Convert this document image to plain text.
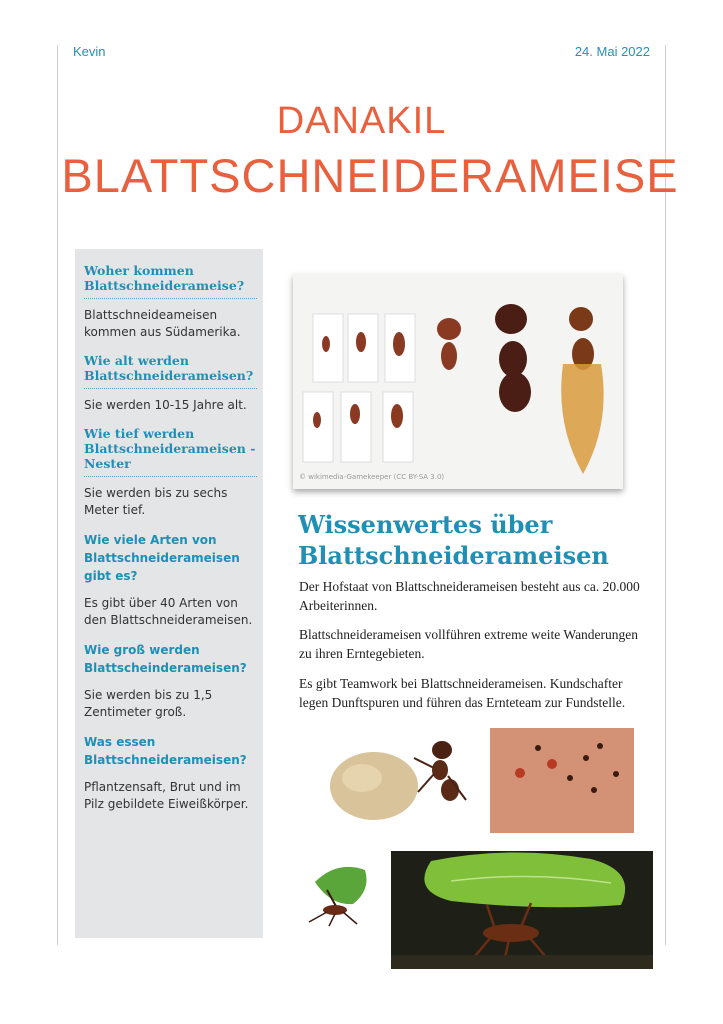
Kevin	24. Mai 2022
DANAKIL
BLATTSCHNEIDERAMEISE
Woher kommen Blattschneiderameise?
Blattschneideameisen kommen aus Südamerika.
Wie alt werden Blattschneiderameisen?
Sie werden 10-15 Jahre alt.
Wie tief werden Blattschneiderameisen - Nester
Sie werden bis zu sechs Meter tief.
Wie viele Arten von Blattschneiderameisen gibt es?
Es gibt über 40 Arten von den Blattschneiderameisen.
Wie groß werden Blattscheinderameisen?
Sie werden bis zu 1,5 Zentimeter groß.
Was essen Blattschneiderameisen?
Pflantzensaft, Brut und im Pilz gebildete Eiweißkörper.
© wikimedia-Gamekeeper (CC BY-SA 3.0)
Wissenwertes über Blattschneiderameisen
Der Hofstaat von Blattschneiderameisen besteht aus ca. 20.000 Arbeiterinnen.
Blattschneiderameisen vollführen extreme weite Wanderungen zu ihren Erntegebieten.
Es gibt Teamwork bei Blattschneiderameisen. Kundschafter legen Dunftspuren und führen das Ernteteam zur Fundstelle.
